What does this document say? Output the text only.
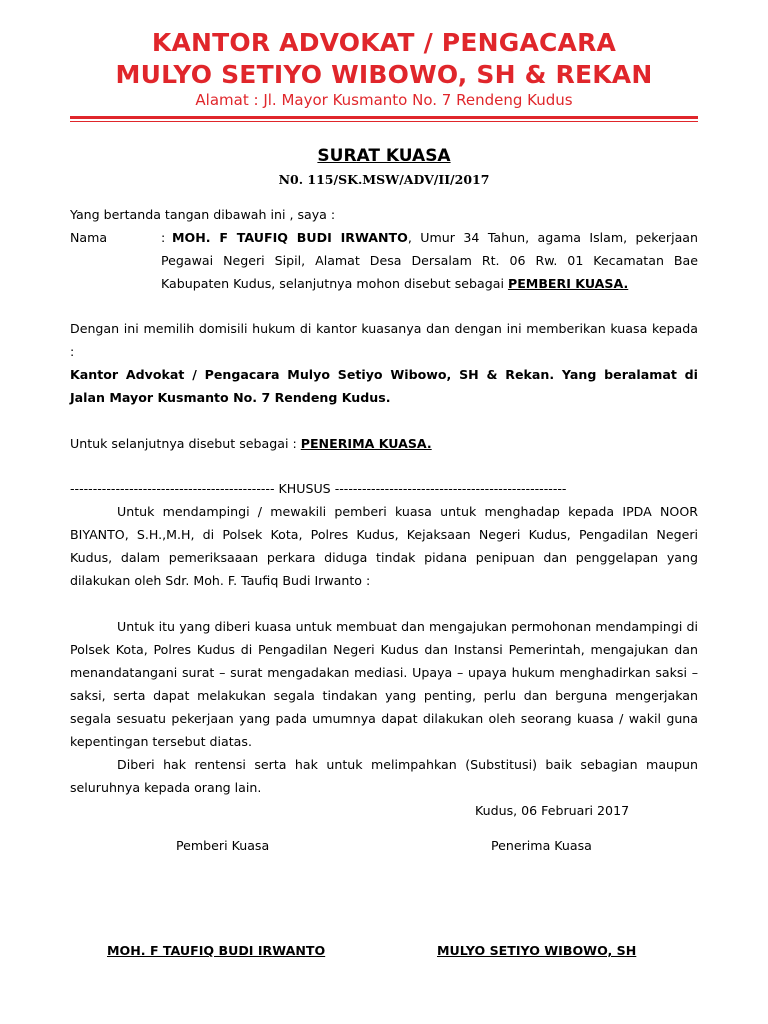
KANTOR ADVOKAT / PENGACARA
MULYO SETIYO WIBOWO, SH & REKAN
Alamat : Jl. Mayor Kusmanto No. 7 Rendeng Kudus
SURAT KUASA
N0. 115/SK.MSW/ADV/II/2017
Yang bertanda tangan dibawah ini , saya :
Nama	: MOH. F TAUFIQ BUDI IRWANTO, Umur 34 Tahun, agama Islam, pekerjaan
Pegawai Negeri Sipil, Alamat Desa Dersalam Rt. 06 Rw. 01 Kecamatan Bae
Kabupaten Kudus, selanjutnya mohon disebut sebagai PEMBERI KUASA.
Dengan ini memilih domisili hukum di kantor kuasanya dan dengan ini memberikan kuasa kepada
:
Kantor Advokat / Pengacara Mulyo Setiyo Wibowo, SH & Rekan. Yang beralamat di
Jalan Mayor Kusmanto No. 7 Rendeng Kudus.
Untuk selanjutnya disebut sebagai : PENERIMA KUASA.
--------------------------------------------- KHUSUS ---------------------------------------------------
Untuk mendampingi / mewakili pemberi kuasa untuk menghadap kepada IPDA NOOR
BIYANTO, S.H.,M.H, di Polsek Kota, Polres Kudus, Kejaksaan Negeri Kudus, Pengadilan Negeri
Kudus, dalam pemeriksaaan perkara diduga tindak pidana penipuan dan penggelapan yang
dilakukan oleh Sdr. Moh. F. Taufiq Budi Irwanto :
Untuk itu yang diberi kuasa untuk membuat dan mengajukan permohonan mendampingi di
Polsek Kota, Polres Kudus di Pengadilan Negeri Kudus dan Instansi Pemerintah, mengajukan dan
menandatangani surat – surat mengadakan mediasi. Upaya – upaya hukum menghadirkan saksi –
saksi, serta dapat melakukan segala tindakan yang penting, perlu dan berguna mengerjakan
segala sesuatu pekerjaan yang pada umumnya dapat dilakukan oleh seorang kuasa / wakil guna
kepentingan tersebut diatas.
Diberi hak rentensi serta hak untuk melimpahkan (Substitusi) baik sebagian maupun
seluruhnya kepada orang lain.
Kudus, 06 Februari 2017
Pemberi Kuasa	Penerima Kuasa
MOH. F TAUFIQ BUDI IRWANTO	MULYO SETIYO WIBOWO, SH
